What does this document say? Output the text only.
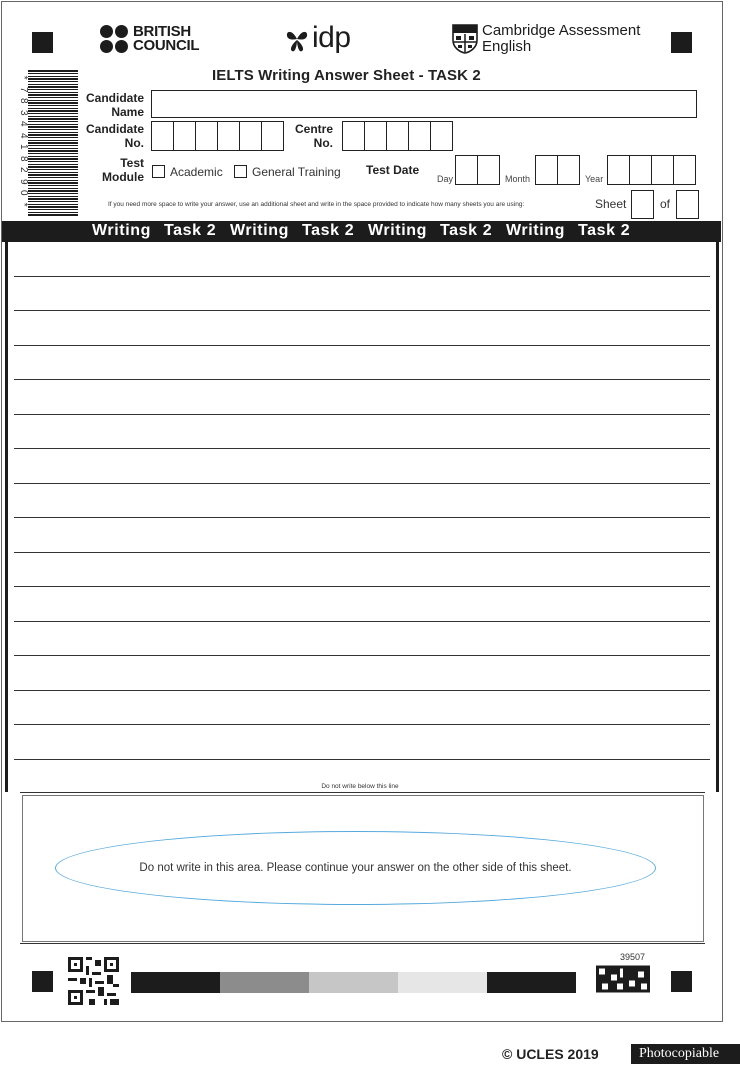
BRITISH
COUNCIL	idp	Cambridge Assessment
English
*
7
8
3
4
4
1
8
2
9
0
*
IELTS Writing Answer Sheet - TASK 2
Candidate
Name
Candidate
No.
Centre
No.
Test
Module Academic General Training Test Date
Day	Month	Year
If you need more space to write your answer, use an additional sheet and write in the space provided to indicate how many sheets you are using:	Sheet	of
Writing Task 2 Writing Task 2 Writing Task 2 Writing Task 2
Do not write below this line
Do not write in this area. Please continue your answer on the other side of this sheet.
39507
© UCLES 2019	Photocopiable
